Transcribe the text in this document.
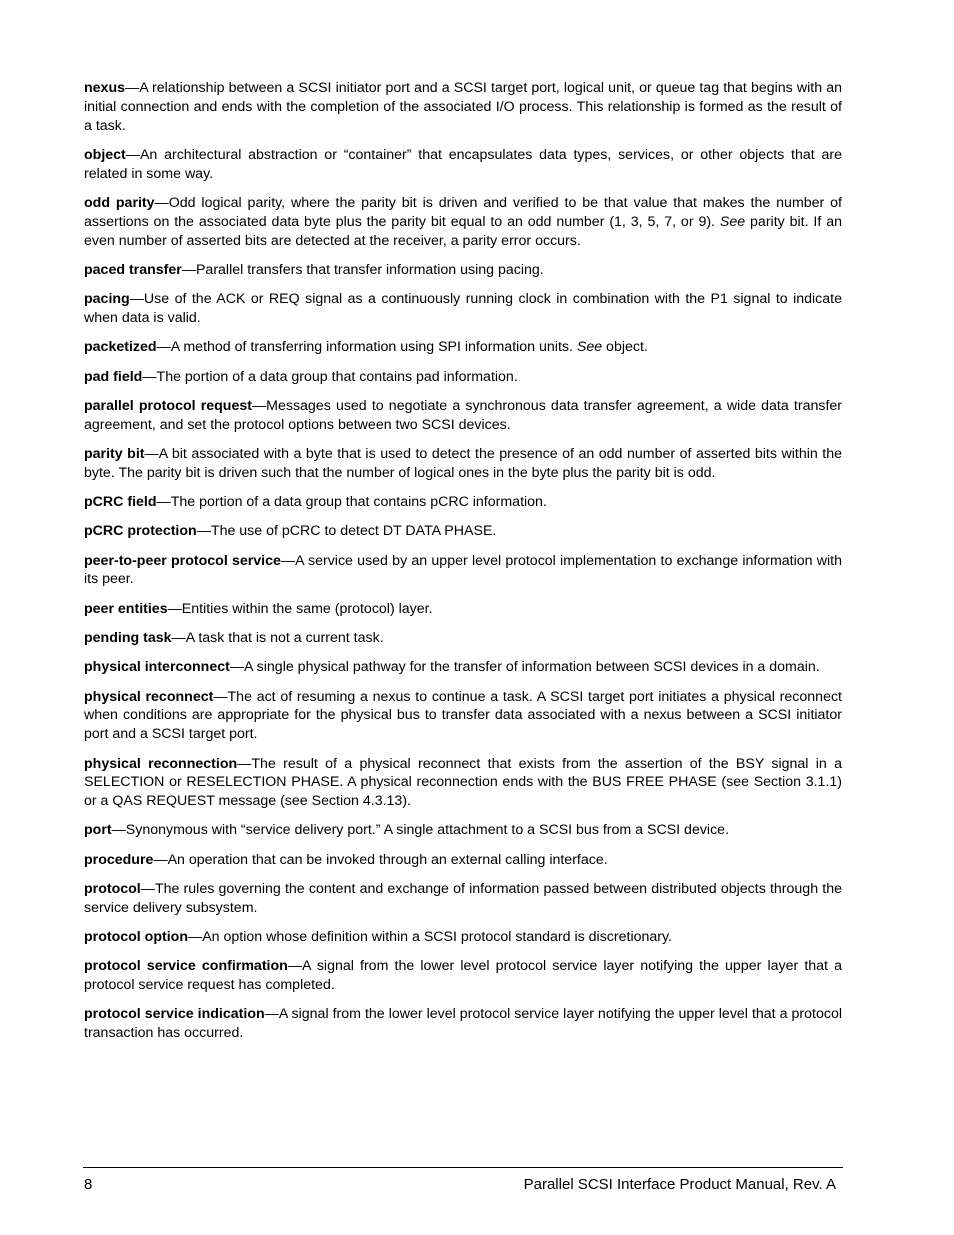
nexus—A relationship between a SCSI initiator port and a SCSI target port, logical unit, or queue tag that begins with an initial connection and ends with the completion of the associated I/O process. This relationship is formed as the result of a task.

object—An architectural abstraction or “container” that encapsulates data types, services, or other objects that are related in some way.

odd parity—Odd logical parity, where the parity bit is driven and verified to be that value that makes the number of assertions on the associated data byte plus the parity bit equal to an odd number (1, 3, 5, 7, or 9). See parity bit. If an even number of asserted bits are detected at the receiver, a parity error occurs.

paced transfer—Parallel transfers that transfer information using pacing.

pacing—Use of the ACK or REQ signal as a continuously running clock in combination with the P1 signal to indicate when data is valid.

packetized—A method of transferring information using SPI information units. See object.

pad field—The portion of a data group that contains pad information.

parallel protocol request—Messages used to negotiate a synchronous data transfer agreement, a wide data transfer agreement, and set the protocol options between two SCSI devices.

parity bit—A bit associated with a byte that is used to detect the presence of an odd number of asserted bits within the byte. The parity bit is driven such that the number of logical ones in the byte plus the parity bit is odd.

pCRC field—The portion of a data group that contains pCRC information.

pCRC protection—The use of pCRC to detect DT DATA PHASE.

peer-to-peer protocol service—A service used by an upper level protocol implementation to exchange information with its peer.

peer entities—Entities within the same (protocol) layer.

pending task—A task that is not a current task.

physical interconnect—A single physical pathway for the transfer of information between SCSI devices in a domain.

physical reconnect—The act of resuming a nexus to continue a task. A SCSI target port initiates a physical reconnect when conditions are appropriate for the physical bus to transfer data associated with a nexus between a SCSI initiator port and a SCSI target port.

physical reconnection—The result of a physical reconnect that exists from the assertion of the BSY signal in a SELECTION or RESELECTION PHASE. A physical reconnection ends with the BUS FREE PHASE (see Section 3.1.1) or a QAS REQUEST message (see Section 4.3.13).

port—Synonymous with “service delivery port.” A single attachment to a SCSI bus from a SCSI device.

procedure—An operation that can be invoked through an external calling interface.

protocol—The rules governing the content and exchange of information passed between distributed objects through the service delivery subsystem.

protocol option—An option whose definition within a SCSI protocol standard is discretionary.

protocol service confirmation—A signal from the lower level protocol service layer notifying the upper layer that a protocol service request has completed.

protocol service indication—A signal from the lower level protocol service layer notifying the upper level that a protocol transaction has occurred.

8	Parallel SCSI Interface Product Manual, Rev. A
